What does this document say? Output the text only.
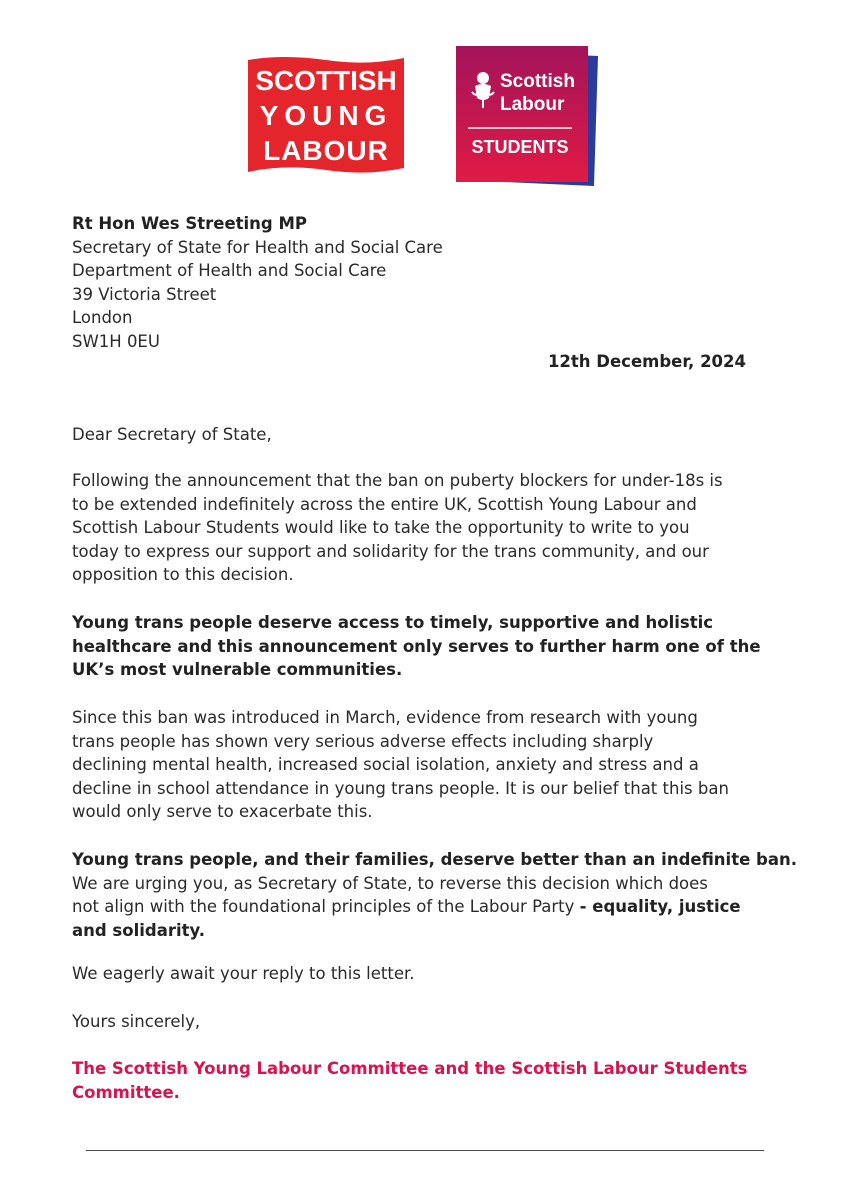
SCOTTISH
YOUNG
LABOUR
Scottish
Labour
STUDENTS
Rt Hon Wes Streeting MP
Secretary of State for Health and Social Care
Department of Health and Social Care
39 Victoria Street
London
SW1H 0EU
12th December, 2024

Dear Secretary of State,

Following the announcement that the ban on puberty blockers for under-18s is
to be extended indefinitely across the entire UK, Scottish Young Labour and
Scottish Labour Students would like to take the opportunity to write to you
today to express our support and solidarity for the trans community, and our
opposition to this decision.

Young trans people deserve access to timely, supportive and holistic
healthcare and this announcement only serves to further harm one of the
UK’s most vulnerable communities.

Since this ban was introduced in March, evidence from research with young
trans people has shown very serious adverse effects including sharply
declining mental health, increased social isolation, anxiety and stress and a
decline in school attendance in young trans people. It is our belief that this ban
would only serve to exacerbate this.

Young trans people, and their families, deserve better than an indefinite ban.
We are urging you, as Secretary of State, to reverse this decision which does
not align with the foundational principles of the Labour Party - equality, justice
and solidarity.

We eagerly await your reply to this letter.

Yours sincerely,

The Scottish Young Labour Committee and the Scottish Labour Students
Committee.
